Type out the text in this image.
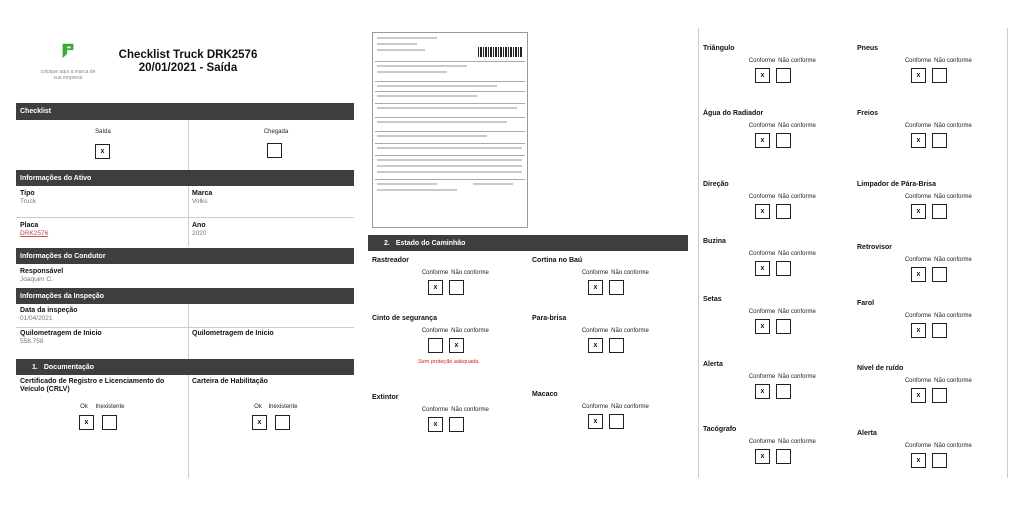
coloque aqui a marca de sua empresa
Checklist Truck DRK2576
20/01/2021 - Saída
Checklist
Saída
x
Chegada
Informações do Ativo
Tipo
Truck
Marca
Volks
Placa
DRK2576
Ano
2020
Informações do Condutor
Responsável
Joaquim C.
Informações da Inspeção
Data da inspeção
01/04/2021
Quilometragem de Inicio
558.758
Quilometragem de Inicio
1. Documentação
Certificado de Registro e Licenciamento do Veículo (CRLV)
Ok	Inexistente
x
Carteira de Habilitação
Ok	Inexistente
x
2. Estado do Caminhão
Rastreador
Conforme Não conforme
x
Cinto de segurança
Conforme Não conforme
x
Sem proteção adequada.
Extintor
Conforme Não conforme
x
Cortina no Baú
Conforme Não conforme
x
Para-brisa
Conforme Não conforme
x
Macaco
Conforme Não conforme
x
Triângulo
Conforme Não conforme
x
Água do Radiador
Conforme Não conforme
x
Direção
Conforme Não conforme
x
Buzina
Conforme Não conforme
x
Setas
Conforme Não conforme
x
Alerta
Conforme Não conforme
x
Tacógrafo
Conforme Não conforme
x
Pneus
Conforme Não conforme
x
Freios
Conforme Não conforme
x
Limpador de Pára-Brisa
Conforme Não conforme
x
Retrovisor
Conforme Não conforme
x
Farol
Conforme Não conforme
x
Nível de ruído
Conforme Não conforme
x
Alerta
Conforme Não conforme
x
